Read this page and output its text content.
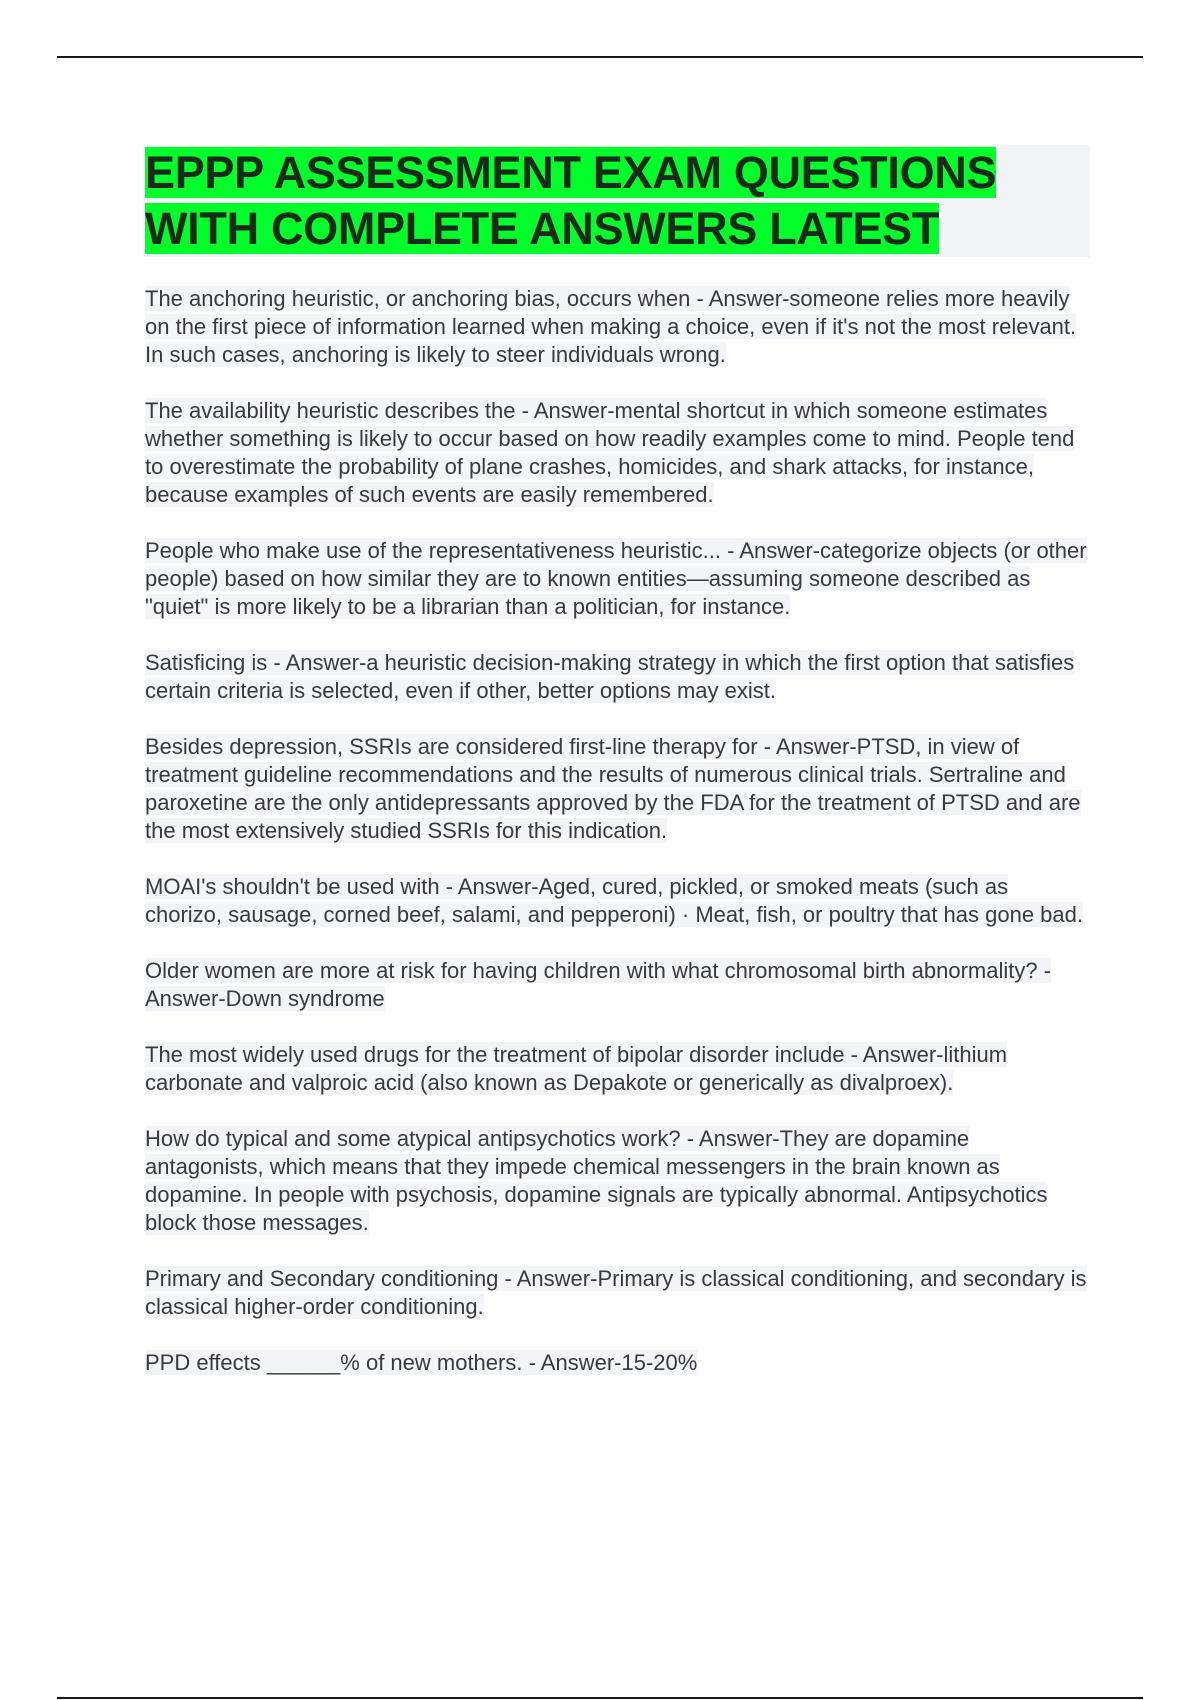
EPPP ASSESSMENT EXAM QUESTIONS WITH COMPLETE ANSWERS LATEST
The anchoring heuristic, or anchoring bias, occurs when - Answer-someone relies more heavily on the first piece of information learned when making a choice, even if it's not the most relevant. In such cases, anchoring is likely to steer individuals wrong.
The availability heuristic describes the - Answer-mental shortcut in which someone estimates whether something is likely to occur based on how readily examples come to mind. People tend to overestimate the probability of plane crashes, homicides, and shark attacks, for instance, because examples of such events are easily remembered.
People who make use of the representativeness heuristic... - Answer-categorize objects (or other people) based on how similar they are to known entities—assuming someone described as "quiet" is more likely to be a librarian than a politician, for instance.
Satisficing is - Answer-a heuristic decision-making strategy in which the first option that satisfies certain criteria is selected, even if other, better options may exist.
Besides depression, SSRIs are considered first-line therapy for - Answer-PTSD, in view of treatment guideline recommendations and the results of numerous clinical trials. Sertraline and paroxetine are the only antidepressants approved by the FDA for the treatment of PTSD and are the most extensively studied SSRIs for this indication.
MOAI's shouldn't be used with - Answer-Aged, cured, pickled, or smoked meats (such as chorizo, sausage, corned beef, salami, and pepperoni) · Meat, fish, or poultry that has gone bad.
Older women are more at risk for having children with what chromosomal birth abnormality? - Answer-Down syndrome
The most widely used drugs for the treatment of bipolar disorder include - Answer-lithium carbonate and valproic acid (also known as Depakote or generically as divalproex).
How do typical and some atypical antipsychotics work? - Answer-They are dopamine antagonists, which means that they impede chemical messengers in the brain known as dopamine. In people with psychosis, dopamine signals are typically abnormal. Antipsychotics block those messages.
Primary and Secondary conditioning - Answer-Primary is classical conditioning, and secondary is classical higher-order conditioning.
PPD effects ______% of new mothers. - Answer-15-20%
